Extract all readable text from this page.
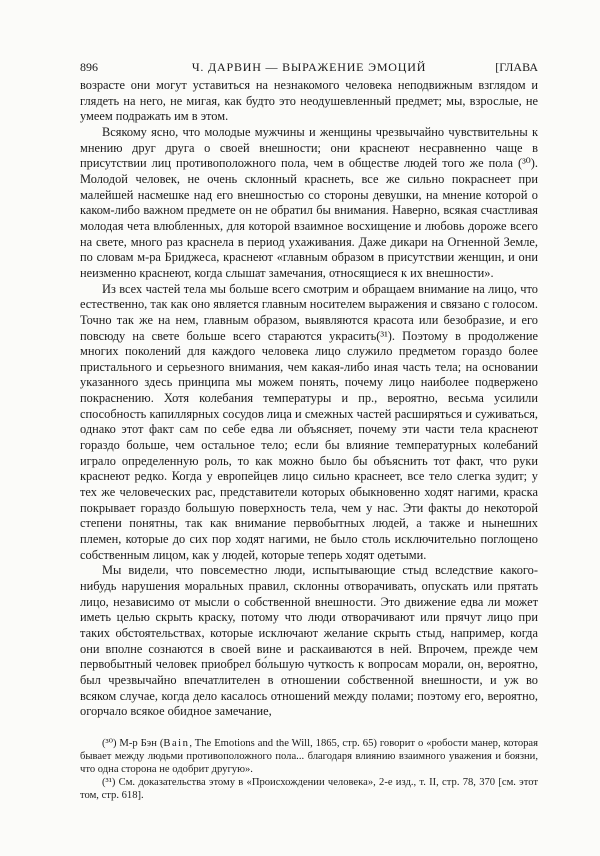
896	Ч. ДАРВИН — ВЫРАЖЕНИЕ ЭМОЦИЙ	[ГЛАВА

возрасте они могут уставиться на незнакомого человека неподвижным взглядом и глядеть на него, не мигая, как будто это неодушевленный предмет; мы, взрослые, не умеем подражать им в этом.

Всякому ясно, что молодые мужчины и женщины чрезвычайно чувствительны к мнению друг друга о своей внешности; они краснеют несравненно чаще в присутствии лиц противоположного пола, чем в обществе людей того же пола (³⁰). Молодой человек, не очень склонный краснеть, все же сильно покраснеет при малейшей насмешке над его внешностью со стороны девушки, на мнение которой о каком-либо важном предмете он не обратил бы внимания. Наверно, всякая счастливая молодая чета влюбленных, для которой взаимное восхищение и любовь дороже всего на свете, много раз краснела в период ухаживания. Даже дикари на Огненной Земле, по словам м-ра Бриджеса, краснеют «главным образом в присутствии женщин, и они неизменно краснеют, когда слышат замечания, относящиеся к их внешности».

Из всех частей тела мы больше всего смотрим и обращаем внимание на лицо, что естественно, так как оно является главным носителем выражения и связано с голосом. Точно так же на нем, главным образом, выявляются красота или безобразие, и его повсюду на свете больше всего стараются украсить(³¹). Поэтому в продолжение многих поколений для каждого человека лицо служило предметом гораздо более пристального и серьезного внимания, чем какая-либо иная часть тела; на основании указанного здесь принципа мы можем понять, почему лицо наиболее подвержено покраснению. Хотя колебания температуры и пр., вероятно, весьма усилили способность капиллярных сосудов лица и смежных частей расширяться и суживаться, однако этот факт сам по себе едва ли объясняет, почему эти части тела краснеют гораздо больше, чем остальное тело; если бы влияние температурных колебаний играло определенную роль, то как можно было бы объяснить тот факт, что руки краснеют редко. Когда у европейцев лицо сильно краснеет, все тело слегка зудит; у тех же человеческих рас, представители которых обыкновенно ходят нагими, краска покрывает гораздо большую поверхность тела, чем у нас. Эти факты до некоторой степени понятны, так как внимание первобытных людей, а также и нынешних племен, которые до сих пор ходят нагими, не было столь исключительно поглощено собственным лицом, как у людей, которые теперь ходят одетыми.

Мы видели, что повсеместно люди, испытывающие стыд вследствие какого-нибудь нарушения моральных правил, склонны отворачивать, опускать или прятать лицо, независимо от мысли о собственной внешности. Это движение едва ли может иметь целью скрыть краску, потому что люди отворачивают или прячут лицо при таких обстоятельствах, которые исключают желание скрыть стыд, например, когда они вполне сознаются в своей вине и раскаиваются в ней. Впрочем, прежде чем первобытный человек приобрел бо́льшую чуткость к вопросам морали, он, вероятно, был чрезвычайно впечатлителен в отношении собственной внешности, и уж во всяком случае, когда дело касалось отношений между полами; поэтому его, вероятно, огорчало всякое обидное замечание,

(³⁰) М-р Бэн (Bain, The Emotions and the Will, 1865, стр. 65) говорит о «робости манер, которая бывает между людьми противоположного пола... благодаря влиянию взаимного уважения и боязни, что одна сторона не одобрит другую».

(³¹) См. доказательства этому в «Происхождении человека», 2-е изд., т. II, стр. 78, 370 [см. этот том, стр. 618].
